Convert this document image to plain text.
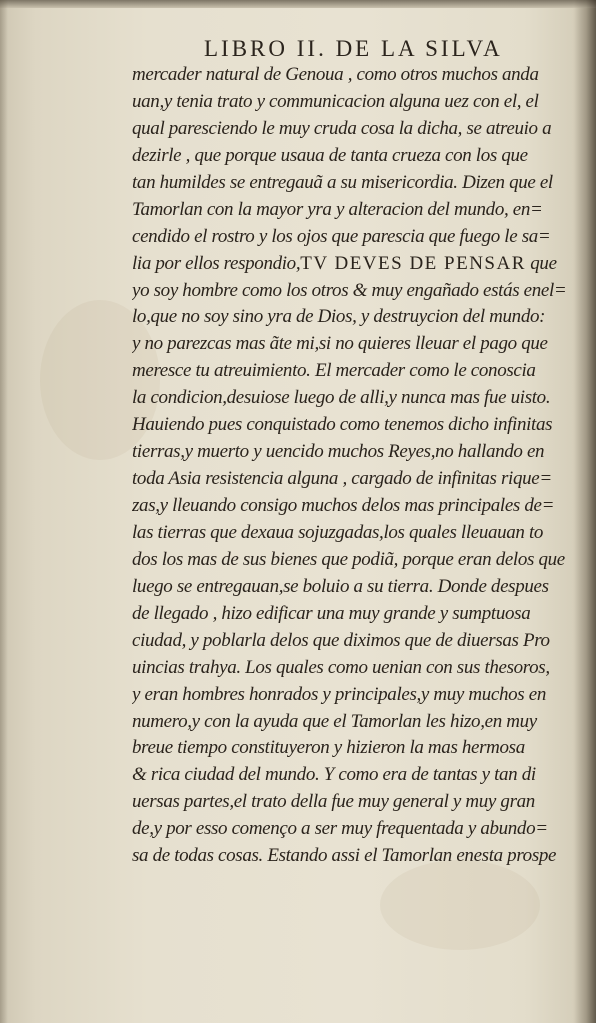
LIBRO II. DE LA SILVA
mercader natural de Genoua , como otros muchos anda
uan,y tenia trato y communicacion alguna uez con el, el
qual paresciendo le muy cruda cosa la dicha, se atreuio a
dezirle , que porque usaua de tanta crueza con los que
tan humildes se entregauã a su misericordia. Dizen que el
Tamorlan con la mayor yra y alteracion del mundo, en=
cendido el rostro y los ojos que parescia que fuego le sa=
lia por ellos respondio,TV DEVES DE PENSAR que
yo soy hombre como los otros & muy engañado estás enel=
lo,que no soy sino yra de Dios, y destruycion del mundo:
y no parezcas mas ãte mi,si no quieres lleuar el pago que
meresce tu atreuimiento. El mercader como le conoscia
la condicion,desuiose luego de alli,y nunca mas fue uisto.
Hauiendo pues conquistado como tenemos dicho infinitas
tierras,y muerto y uencido muchos Reyes,no hallando en
toda Asia resistencia alguna , cargado de infinitas rique=
zas,y lleuando consigo muchos delos mas principales de=
las tierras que dexaua sojuzgadas,los quales lleuauan to
dos los mas de sus bienes que podiã, porque eran delos que
luego se entregauan,se boluio a su tierra. Donde despues
de llegado , hizo edificar una muy grande y sumptuosa
ciudad, y poblarla delos que diximos que de diuersas Pro
uincias trahya. Los quales como uenian con sus thesoros,
y eran hombres honrados y principales,y muy muchos en
numero,y con la ayuda que el Tamorlan les hizo,en muy
breue tiempo constituyeron y hizieron la mas hermosa
& rica ciudad del mundo. Y como era de tantas y tan di
uersas partes,el trato della fue muy general y muy gran
de,y por esso començo a ser muy frequentada y abundo=
sa de todas cosas. Estando assi el Tamorlan enesta prospe
